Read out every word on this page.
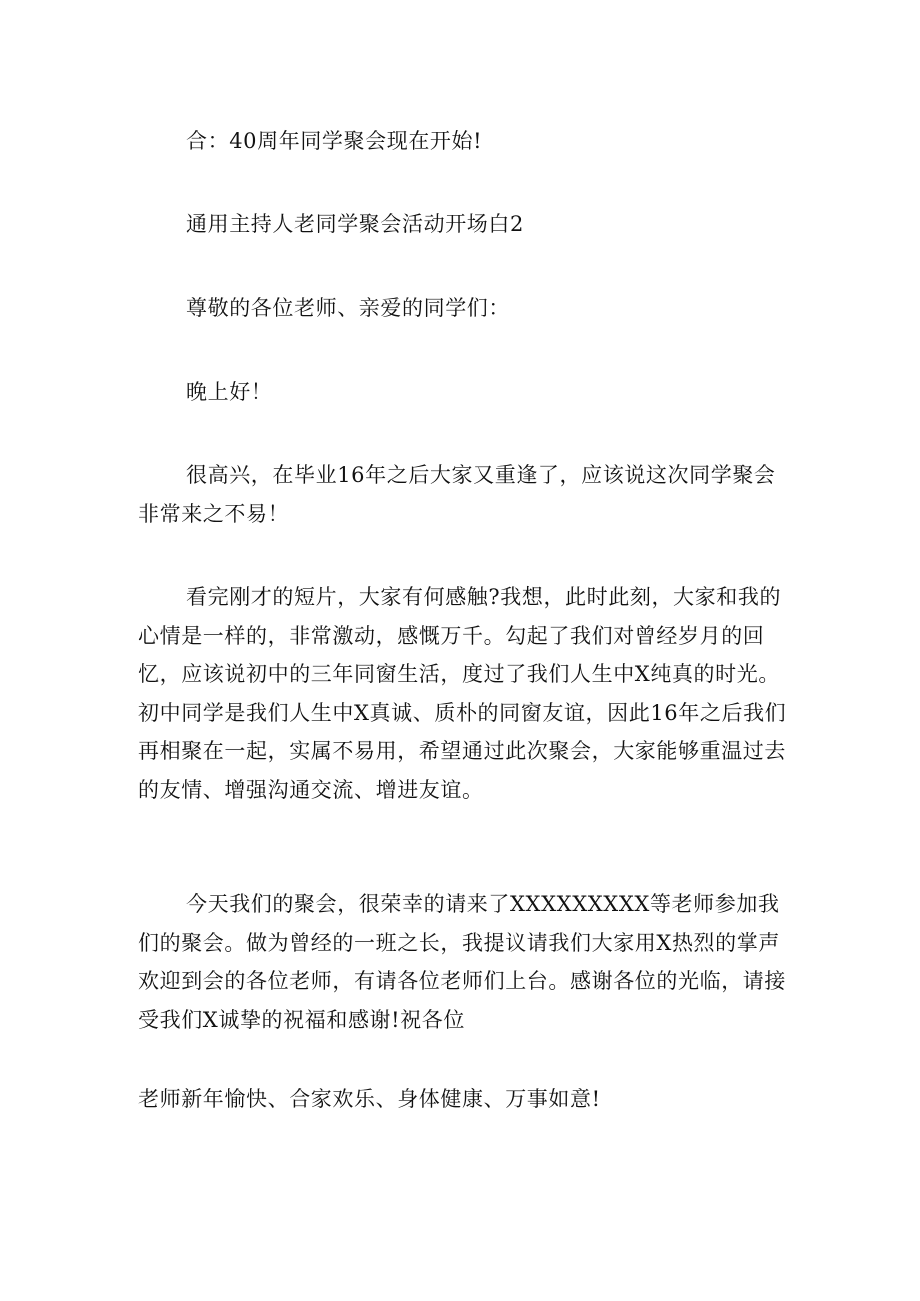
合：40周年同学聚会现在开始!

通用主持人老同学聚会活动开场白2

尊敬的各位老师、亲爱的同学们：

晚上好！

很高兴，在毕业16年之后大家又重逢了，应该说这次同学聚会非常来之不易！

看完刚才的短片，大家有何感触?我想，此时此刻，大家和我的心情是一样的，非常激动，感慨万千。勾起了我们对曾经岁月的回忆，应该说初中的三年同窗生活，度过了我们人生中X纯真的时光。初中同学是我们人生中X真诚、质朴的同窗友谊，因此16年之后我们再相聚在一起，实属不易用，希望通过此次聚会，大家能够重温过去的友情、增强沟通交流、增进友谊。

今天我们的聚会，很荣幸的请来了XXXXXXXXX等老师参加我们的聚会。做为曾经的一班之长，我提议请我们大家用X热烈的掌声欢迎到会的各位老师，有请各位老师们上台。感谢各位的光临，请接受我们X诚挚的祝福和感谢!祝各位

老师新年愉快、合家欢乐、身体健康、万事如意!
